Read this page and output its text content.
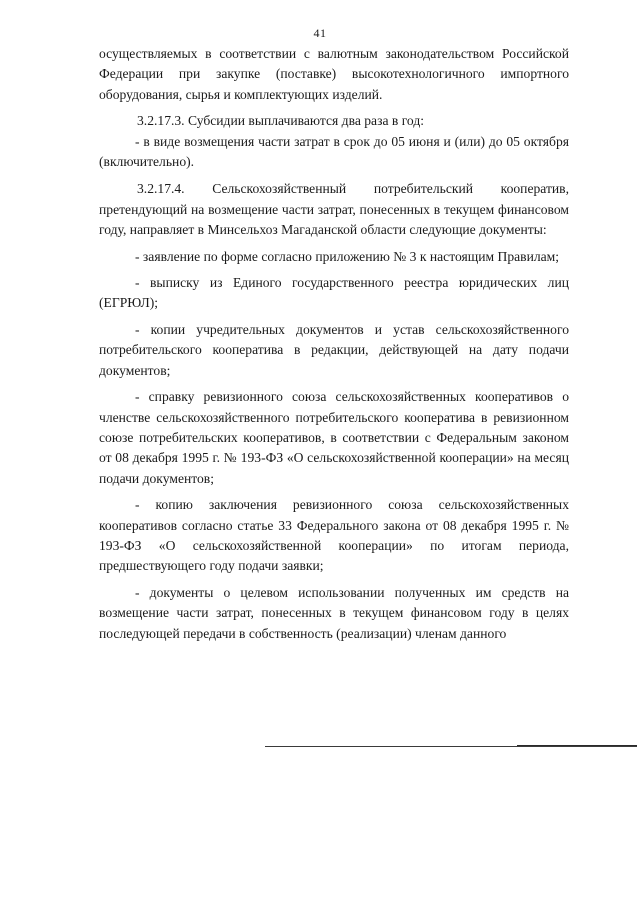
41

осуществляемых в соответствии с валютным законодательством Российской Федерации при закупке (поставке) высокотехнологичного импортного оборудования, сырья и комплектующих изделий.

3.2.17.3. Субсидии выплачиваются два раза в год:

- в виде возмещения части затрат в срок до 05 июня и (или) до 05 октября (включительно).

3.2.17.4. Сельскохозяйственный потребительский кооператив, претендующий на возмещение части затрат, понесенных в текущем финансовом году, направляет в Минсельхоз Магаданской области следующие документы:

- заявление по форме согласно приложению № 3 к настоящим Правилам;

- выписку из Единого государственного реестра юридических лиц (ЕГРЮЛ);

- копии учредительных документов и устав сельскохозяйственного потребительского кооператива в редакции, действующей на дату подачи документов;

- справку ревизионного союза сельскохозяйственных кооперативов о членстве сельскохозяйственного потребительского кооператива в ревизионном союзе потребительских кооперативов, в соответствии с Федеральным законом от 08 декабря 1995 г. № 193-ФЗ «О сельскохозяйственной кооперации» на месяц подачи документов;

- копию заключения ревизионного союза сельскохозяйственных кооперативов согласно статье 33 Федерального закона от 08 декабря 1995 г. № 193-ФЗ «О сельскохозяйственной кооперации» по итогам периода, предшествующего году подачи заявки;

- документы о целевом использовании полученных им средств на возмещение части затрат, понесенных в текущем финансовом году в целях последующей передачи в собственность (реализации) членам данного
